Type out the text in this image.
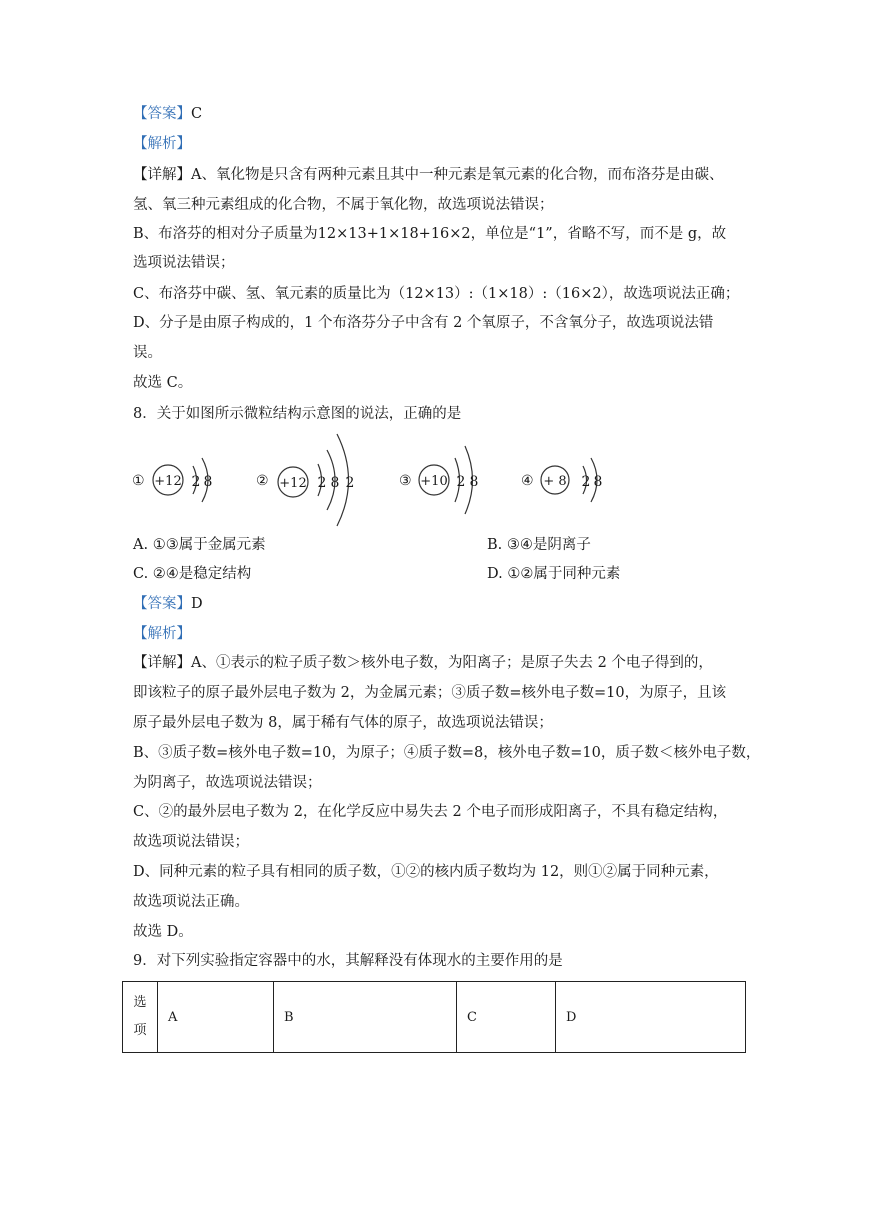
【答案】C
【解析】
【详解】A、氧化物是只含有两种元素且其中一种元素是氧元素的化合物，而布洛芬是由碳、
氢、氧三种元素组成的化合物，不属于氧化物，故选项说法错误；
B、布洛芬的相对分子质量为12×13+1×18+16×2，单位是“1”，省略不写，而不是 g，故
选项说法错误；
C、布洛芬中碳、氢、氧元素的质量比为（12×13）:（1×18）:（16×2），故选项说法正确；
D、分子是由原子构成的，1 个布洛芬分子中含有 2 个氧原子，不含氧分子，故选项说法错
误。
故选 C。
8．关于如图所示微粒结构示意图的说法，正确的是
① +12 2 8	② +12 2 8 2	③ +10 2 8	④ + 8 2 8
A. ①③属于金属元素	B. ③④是阴离子
C. ②④是稳定结构	D. ①②属于同种元素
【答案】D
【解析】
【详解】A、①表示的粒子质子数＞核外电子数，为阳离子；是原子失去 2 个电子得到的，
即该粒子的原子最外层电子数为 2，为金属元素；③质子数=核外电子数=10，为原子，且该
原子最外层电子数为 8，属于稀有气体的原子，故选项说法错误；
B、③质子数=核外电子数=10，为原子；④质子数=8，核外电子数=10，质子数＜核外电子数，
为阴离子，故选项说法错误；
C、②的最外层电子数为 2，在化学反应中易失去 2 个电子而形成阳离子，不具有稳定结构，
故选项说法错误；
D、同种元素的粒子具有相同的质子数，①②的核内质子数均为 12，则①②属于同种元素，
故选项说法正确。
故选 D。
9．对下列实验指定容器中的水，其解释没有体现水的主要作用的是
选项	A	B	C	D
